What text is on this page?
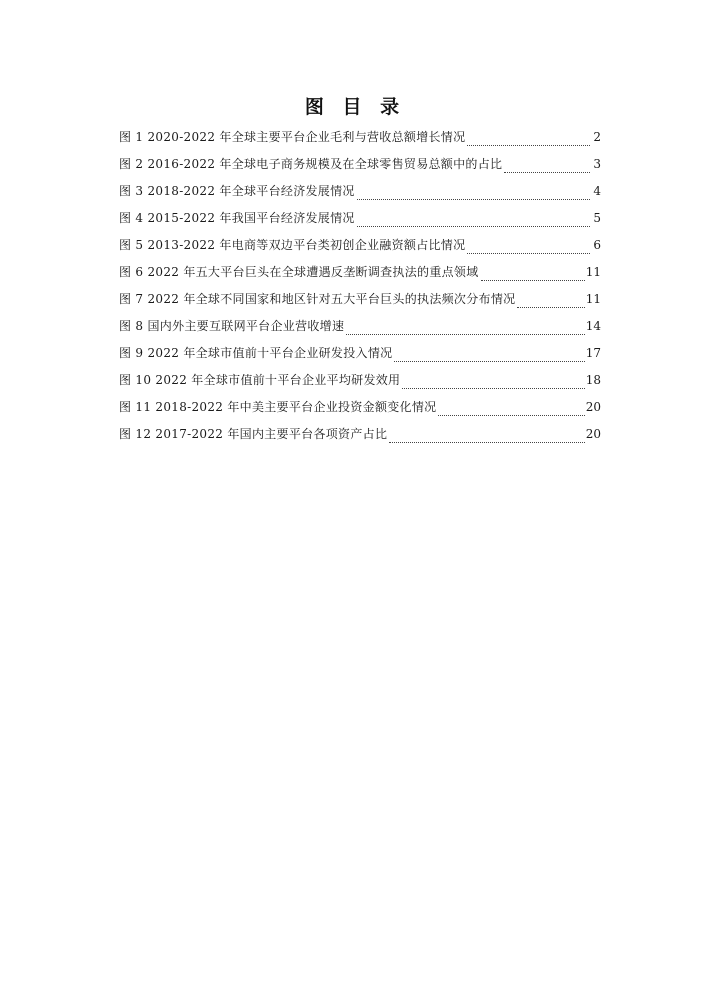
图 目 录
图 1 2020-2022 年全球主要平台企业毛利与营收总额增长情况	2
图 2 2016-2022 年全球电子商务规模及在全球零售贸易总额中的占比	3
图 3 2018-2022 年全球平台经济发展情况	4
图 4 2015-2022 年我国平台经济发展情况	5
图 5 2013-2022 年电商等双边平台类初创企业融资额占比情况	6
图 6 2022 年五大平台巨头在全球遭遇反垄断调查执法的重点领域	11
图 7 2022 年全球不同国家和地区针对五大平台巨头的执法频次分布情况	11
图 8 国内外主要互联网平台企业营收增速	14
图 9 2022 年全球市值前十平台企业研发投入情况	17
图 10 2022 年全球市值前十平台企业平均研发效用	18
图 11 2018-2022 年中美主要平台企业投资金额变化情况	20
图 12 2017-2022 年国内主要平台各项资产占比	20
